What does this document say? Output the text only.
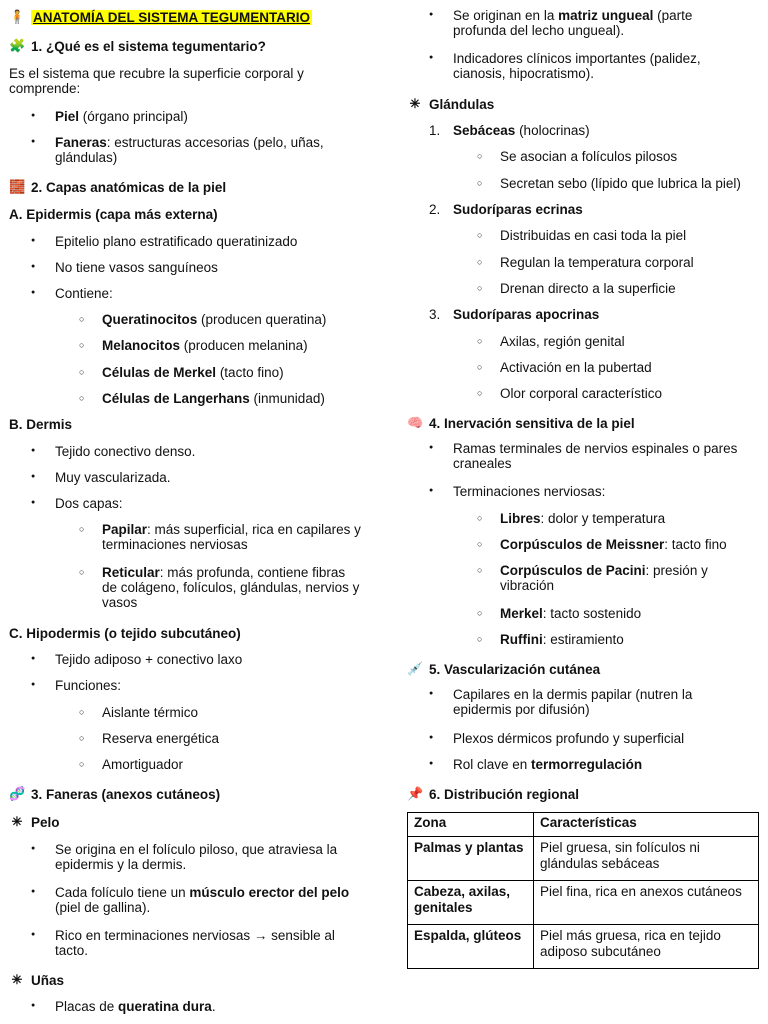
🧍 ANATOMÍA DEL SISTEMA TEGUMENTARIO
🧩 1. ¿Qué es el sistema tegumentario?

Es el sistema que recubre la superficie corporal y comprende:

● Piel (órgano principal)
● Faneras: estructuras accesorias (pelo, uñas, glándulas)
🧱 2. Capas anatómicas de la piel
A. Epidermis (capa más externa)
● Epitelio plano estratificado queratinizado
● No tiene vasos sanguíneos
● Contiene:
○ Queratinocitos (producen queratina)
○ Melanocitos (producen melanina)
○ Células de Merkel (tacto fino)
○ Células de Langerhans (inmunidad)
B. Dermis
● Tejido conectivo denso.
● Muy vascularizada.
● Dos capas:
○ Papilar: más superficial, rica en capilares y terminaciones nerviosas
○ Reticular: más profunda, contiene fibras de colágeno, folículos, glándulas, nervios y vasos
C. Hipodermis (o tejido subcutáneo)
● Tejido adiposo + conectivo laxo
● Funciones:
○ Aislante térmico
○ Reserva energética
○ Amortiguador
🧬 3. Faneras (anexos cutáneos)
✳ Pelo
● Se origina en el folículo piloso, que atraviesa la epidermis y la dermis.
● Cada folículo tiene un músculo erector del pelo (piel de gallina).
● Rico en terminaciones nerviosas → sensible al tacto.
✳ Uñas
● Placas de queratina dura.
● Se originan en la matriz ungueal (parte profunda del lecho ungueal).
● Indicadores clínicos importantes (palidez, cianosis, hipocratismo).
✳ Glándulas
1. Sebáceas (holocrinas)
○ Se asocian a folículos pilosos
○ Secretan sebo (lípido que lubrica la piel)
2. Sudoríparas ecrinas
○ Distribuidas en casi toda la piel
○ Regulan la temperatura corporal
○ Drenan directo a la superficie
3. Sudoríparas apocrinas
○ Axilas, región genital
○ Activación en la pubertad
○ Olor corporal característico
🧠 4. Inervación sensitiva de la piel
● Ramas terminales de nervios espinales o pares craneales
● Terminaciones nerviosas:
○ Libres: dolor y temperatura
○ Corpúsculos de Meissner: tacto fino
○ Corpúsculos de Pacini: presión y vibración
○ Merkel: tacto sostenido
○ Ruffini: estiramiento
💉 5. Vascularización cutánea
● Capilares en la dermis papilar (nutren la epidermis por difusión)
● Plexos dérmicos profundo y superficial
● Rol clave en termorregulación
📌 6. Distribución regional
Zona	Características
Palmas y plantas	Piel gruesa, sin folículos ni glándulas sebáceas
Cabeza, axilas, genitales	Piel fina, rica en anexos cutáneos
Espalda, glúteos	Piel más gruesa, rica en tejido adiposo subcutáneo
